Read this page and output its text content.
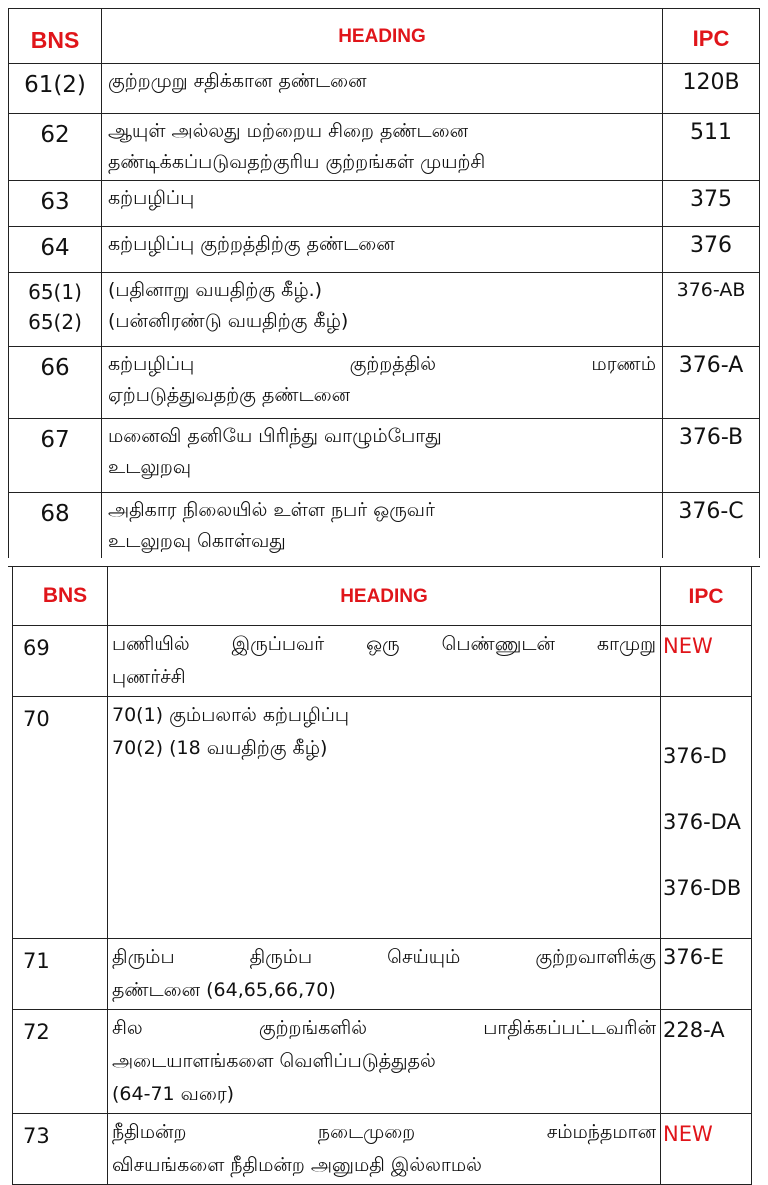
BNS	HEADING	IPC

61(2)	குற்றமுறு சதிக்கான தண்டனை	120B

62	ஆயுள் அல்லது மற்றைய சிறை தண்டனை
தண்டிக்கப்படுவதற்குரிய குற்றங்கள் முயற்சி	511

63	கற்பழிப்பு	375

64	கற்பழிப்பு குற்றத்திற்கு தண்டனை	376

65(1)
65(2)	(பதினாறு வயதிற்கு கீழ்.)
(பன்னிரண்டு வயதிற்கு கீழ்)	376-AB

66	கற்பழிப்பு குற்றத்தில் மரணம்
ஏற்படுத்துவதற்கு தண்டனை	376-A

67	மனைவி தனியே பிரிந்து வாழும்போது
உடலுறவு	376-B

68	அதிகார நிலையில் உள்ள நபர் ஒருவர்
உடலுறவு கொள்வது	376-C
BNS	HEADING	IPC
69	பணியில் இருப்பவர் ஒரு பெண்ணுடன் காமுறு
புணர்ச்சி	NEW

70	70(1) கும்பலால் கற்பழிப்பு
70(2) (18 வயதிற்கு கீழ்)	376-D

376-DA

376-DB

71	திரும்ப திரும்ப செய்யும் குற்றவாளிக்கு
தண்டனை (64,65,66,70)	376-E

72	சில குற்றங்களில் பாதிக்கப்பட்டவரின்
அடையாளங்களை வெளிப்படுத்துதல்
(64-71 வரை)	228-A

73	நீதிமன்ற நடைமுறை சம்மந்தமான
விசயங்களை நீதிமன்ற அனுமதி இல்லாமல்	NEW
